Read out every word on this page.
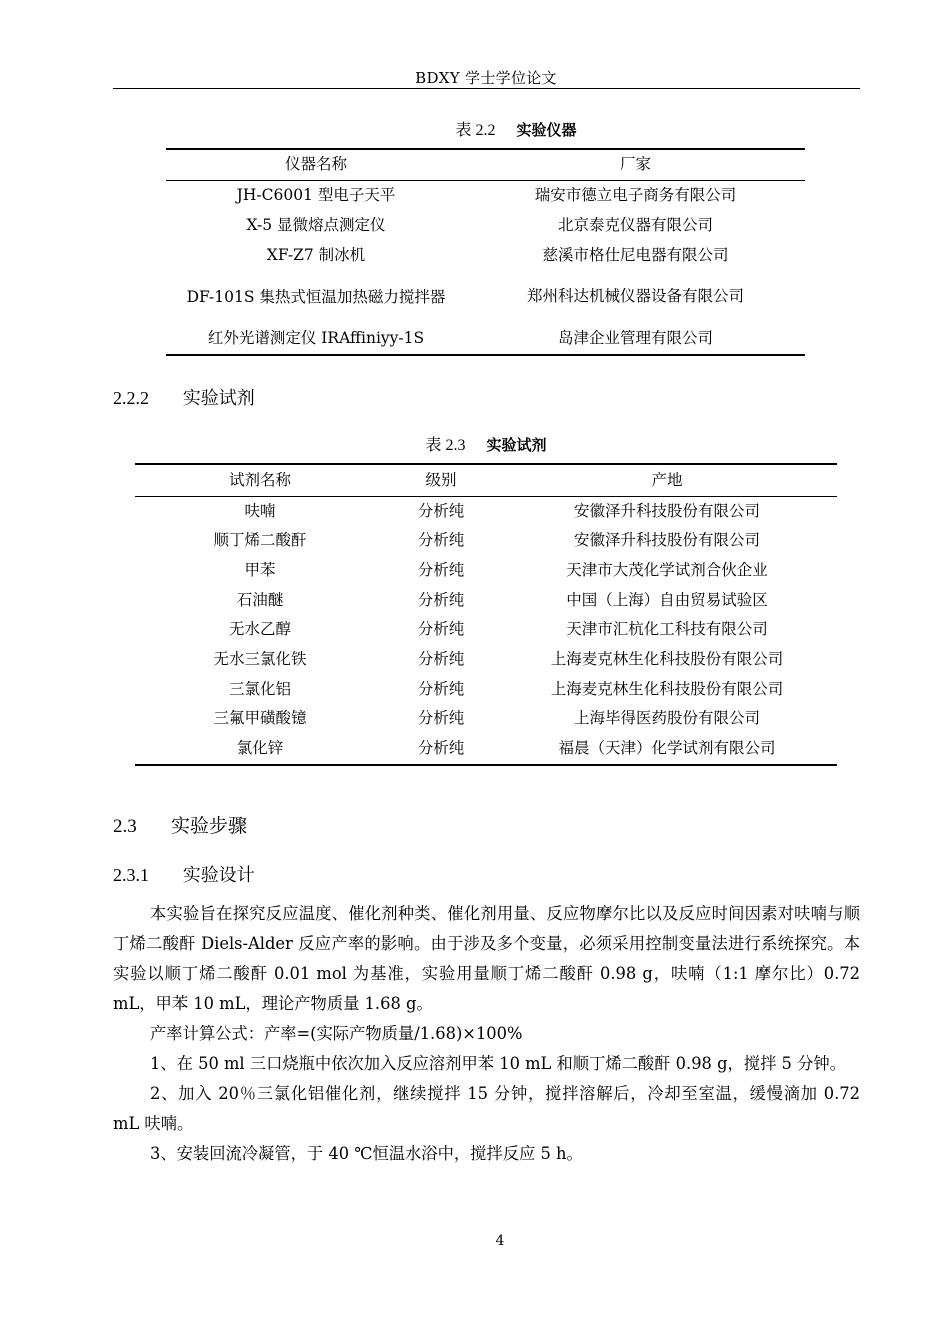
BDXY 学士学位论文
表 2.2 实验仪器
仪器名称	厂家
JH-C6001 型电子天平	瑞安市德立电子商务有限公司
X-5 显微熔点测定仪	北京泰克仪器有限公司
XF-Z7 制冰机	慈溪市格仕尼电器有限公司

DF-101S 集热式恒温加热磁力搅拌器	郑州科达机械仪器设备有限公司
红外光谱测定仪 IRAffiniyy-1S	岛津企业管理有限公司
2.2.2 实验试剂
表 2.3 实验试剂
试剂名称	级别	产地
呋喃	分析纯	安徽泽升科技股份有限公司
顺丁烯二酸酐	分析纯	安徽泽升科技股份有限公司
甲苯	分析纯	天津市大茂化学试剂合伙企业
石油醚	分析纯	中国（上海）自由贸易试验区
无水乙醇	分析纯	天津市汇杭化工科技有限公司
无水三氯化铁	分析纯	上海麦克林生化科技股份有限公司
三氯化铝	分析纯	上海麦克林生化科技股份有限公司
三氟甲磺酸镱	分析纯	上海毕得医药股份有限公司
氯化锌	分析纯	福晨（天津）化学试剂有限公司
2.3 实验步骤
2.3.1 实验设计

本实验旨在探究反应温度、催化剂种类、催化剂用量、反应物摩尔比以及反应时间因素对呋喃与顺丁烯二酸酐 Diels-Alder 反应产率的影响。由于涉及多个变量，必须采用控制变量法进行系统探究。本实验以顺丁烯二酸酐 0.01 mol 为基准，实验用量顺丁烯二酸酐 0.98 g，呋喃（1:1 摩尔比）0.72 mL，甲苯 10 mL，理论产物质量 1.68 g。

产率计算公式：产率=(实际产物质量/1.68)×100%

1、在 50 ml 三口烧瓶中依次加入反应溶剂甲苯 10 mL 和顺丁烯二酸酐 0.98 g，搅拌 5 分钟。

2、加入 20％三氯化铝催化剂，继续搅拌 15 分钟，搅拌溶解后，冷却至室温，缓慢滴加 0.72 mL 呋喃。

3、安装回流冷凝管，于 40 ℃恒温水浴中，搅拌反应 5 h。

4
